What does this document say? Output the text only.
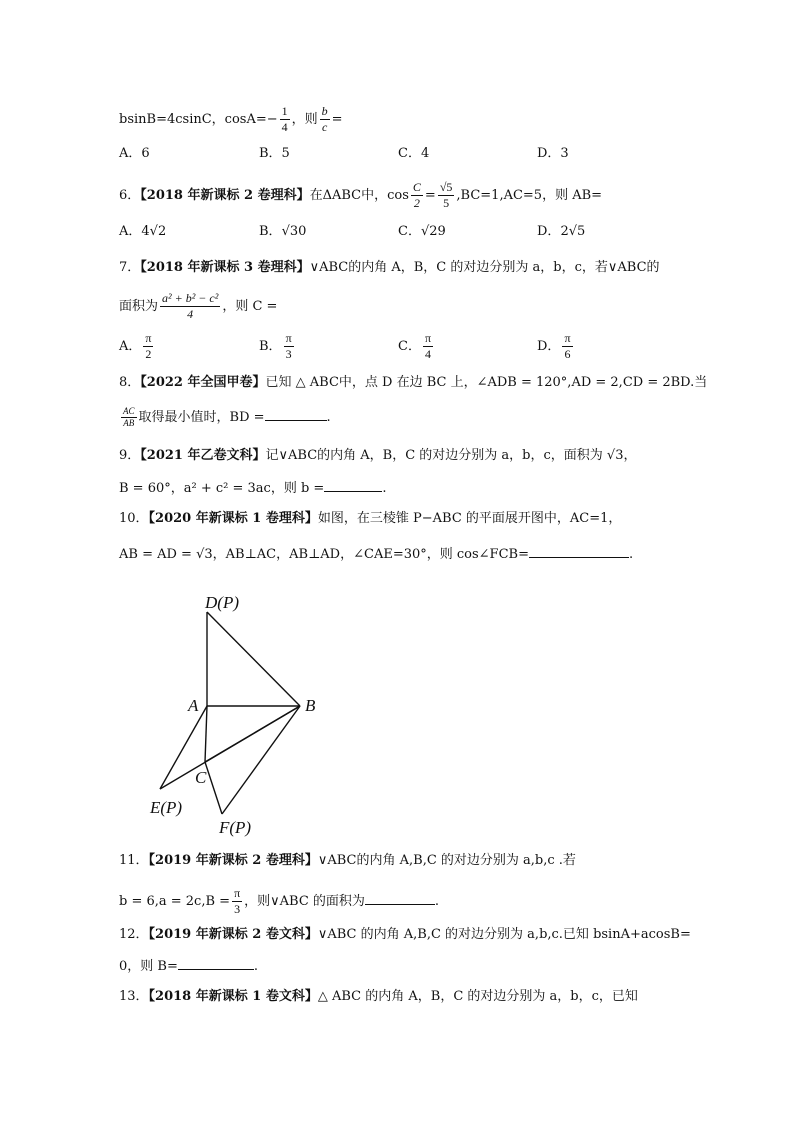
bsinB=4csinC，$\cos A=- \frac{1}{4}$ ，则 $\frac{b}{c}$ =
A．6	B．5	C．4	D．3
6．【2018 年新课标 2 卷理科】在ΔABC中，$\cos \frac{C}{2} = \frac{√5}{5} ,BC=1,AC=5$，则 AB=
A．4√2	B．√30	C．√29	D．2√5
7．【2018 年新课标 3 卷理科】∨ABC的内角 A，B，C 的对边分别为 a，b，c，若∨ABC的
面积为 $\frac{\text{a² + b² − c²}}{4}$ ，则 C =
A． $\frac{\pi}{2}$	B． $\frac{\pi}{3}$	C． $\frac{\pi}{4}$	D． $\frac{\pi}{6}$
8．【2022 年全国甲卷】已知 △ ABC中，点 D 在边 BC 上，∠ADB = 120°,AD = 2,CD = 2BD.当
$\frac{AC}{AB}$ 取得最小值时，BD =	.
9．【2021 年乙卷文科】记∨ABC的内角 A，B，C 的对边分别为 a，b，c，面积为 √3，
B = 60°，a² + c² = 3ac，则 b =	.
10．【2020 年新课标 1 卷理科】如图，在三棱锥 P−ABC 的平面展开图中，AC=1，
AB = AD = √3，AB⊥AC，AB⊥AD，∠CAE=30°，则 cos∠FCB=	.
D(P)
A	B
C
E(P)
F(P)
11．【2019 年新课标 2 卷理科】∨ABC的内角 A,B,C 的对边分别为 a,b,c .若
$b = 6,a = 2c,B = \frac{\pi}{3}$ ，则∨ABC 的面积为	.
12．【2019 年新课标 2 卷文科】∨ABC 的内角 A,B,C 的对边分别为 a,b,c.已知 bsinA+acosB=
0，则 B=	.
13．【2018 年新课标 1 卷文科】△ ABC 的内角 A，B，C 的对边分别为 a，b，c，已知
